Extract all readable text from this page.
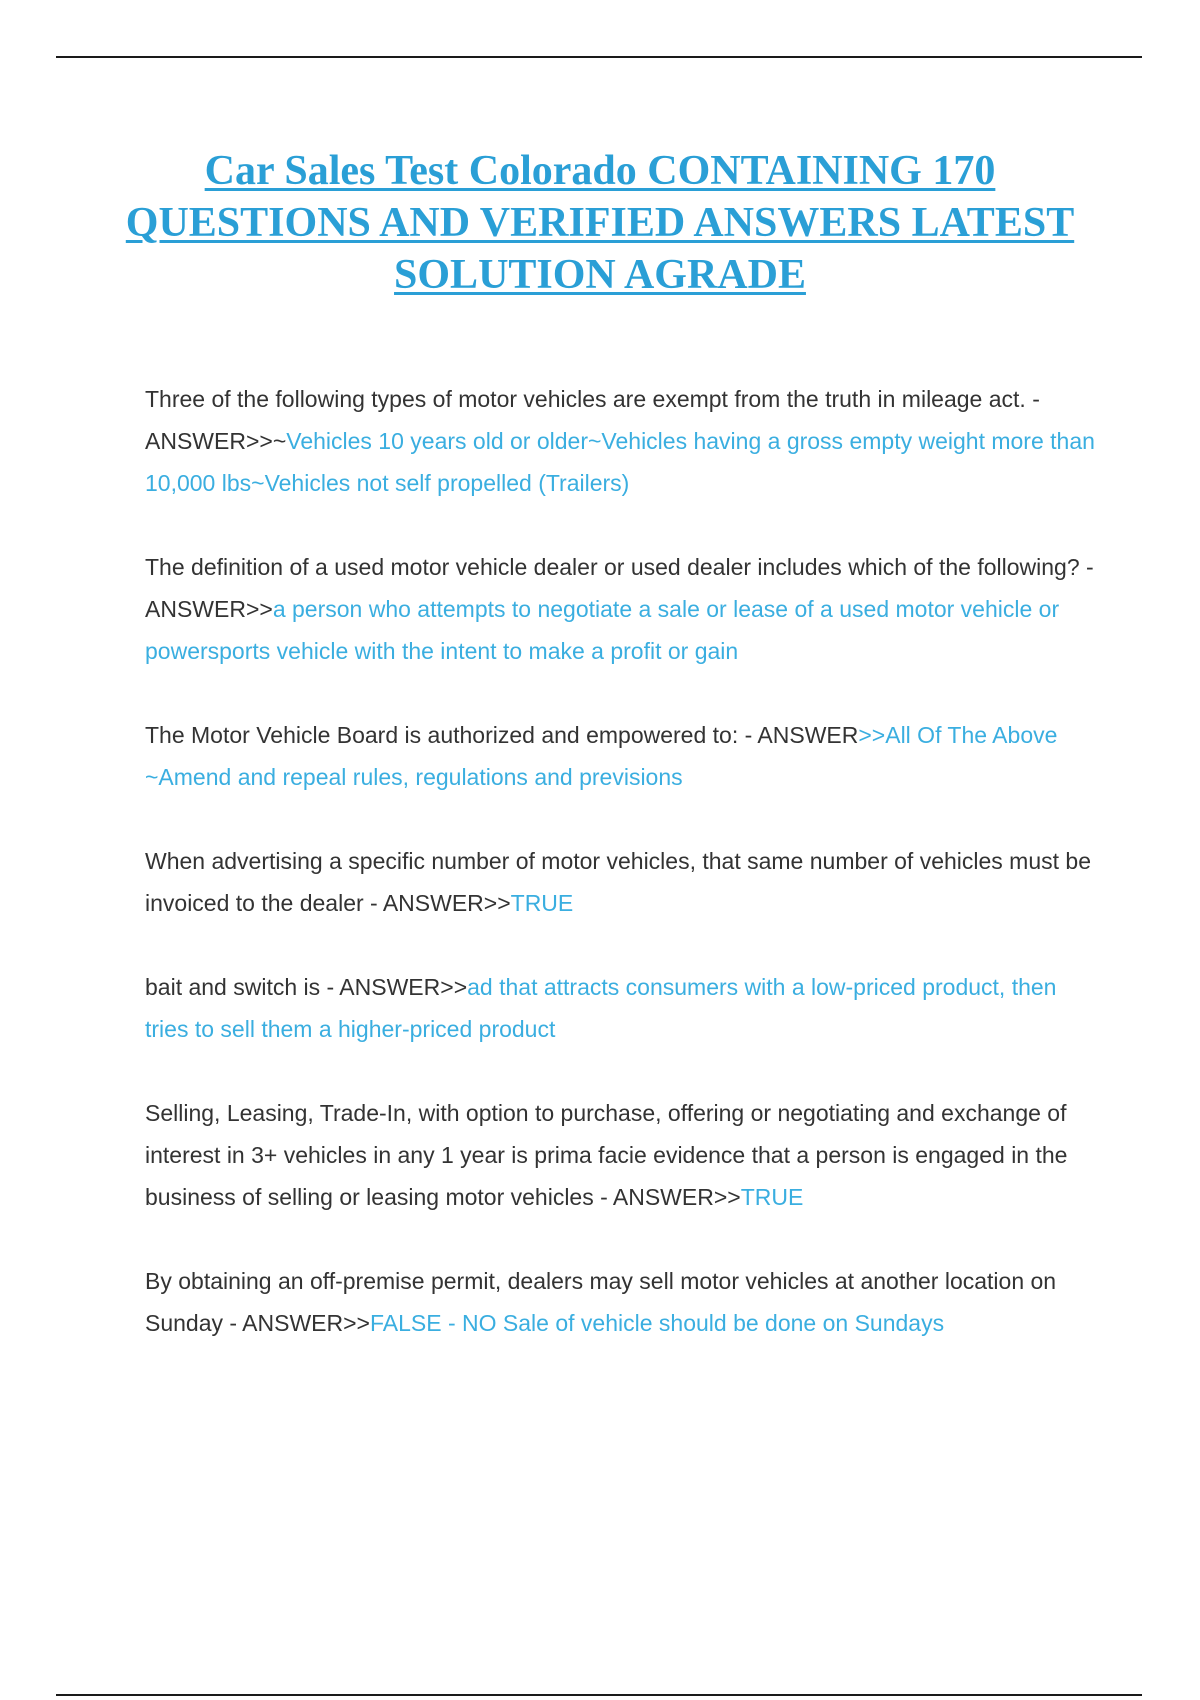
Car Sales Test Colorado CONTAINING 170 QUESTIONS AND VERIFIED ANSWERS LATEST SOLUTION AGRADE

Three of the following types of motor vehicles are exempt from the truth in mileage act. - ANSWER>>~Vehicles 10 years old or older~Vehicles having a gross empty weight more than 10,000 lbs~Vehicles not self propelled (Trailers)

The definition of a used motor vehicle dealer or used dealer includes which of the following? - ANSWER>>a person who attempts to negotiate a sale or lease of a used motor vehicle or powersports vehicle with the intent to make a profit or gain

The Motor Vehicle Board is authorized and empowered to: - ANSWER>>All Of The Above
~Amend and repeal rules, regulations and previsions

When advertising a specific number of motor vehicles, that same number of vehicles must be invoiced to the dealer - ANSWER>>TRUE

bait and switch is - ANSWER>>ad that attracts consumers with a low-priced product, then tries to sell them a higher-priced product

Selling, Leasing, Trade-In, with option to purchase, offering or negotiating and exchange of interest in 3+ vehicles in any 1 year is prima facie evidence that a person is engaged in the business of selling or leasing motor vehicles - ANSWER>>TRUE

By obtaining an off-premise permit, dealers may sell motor vehicles at another location on Sunday - ANSWER>>FALSE - NO Sale of vehicle should be done on Sundays
